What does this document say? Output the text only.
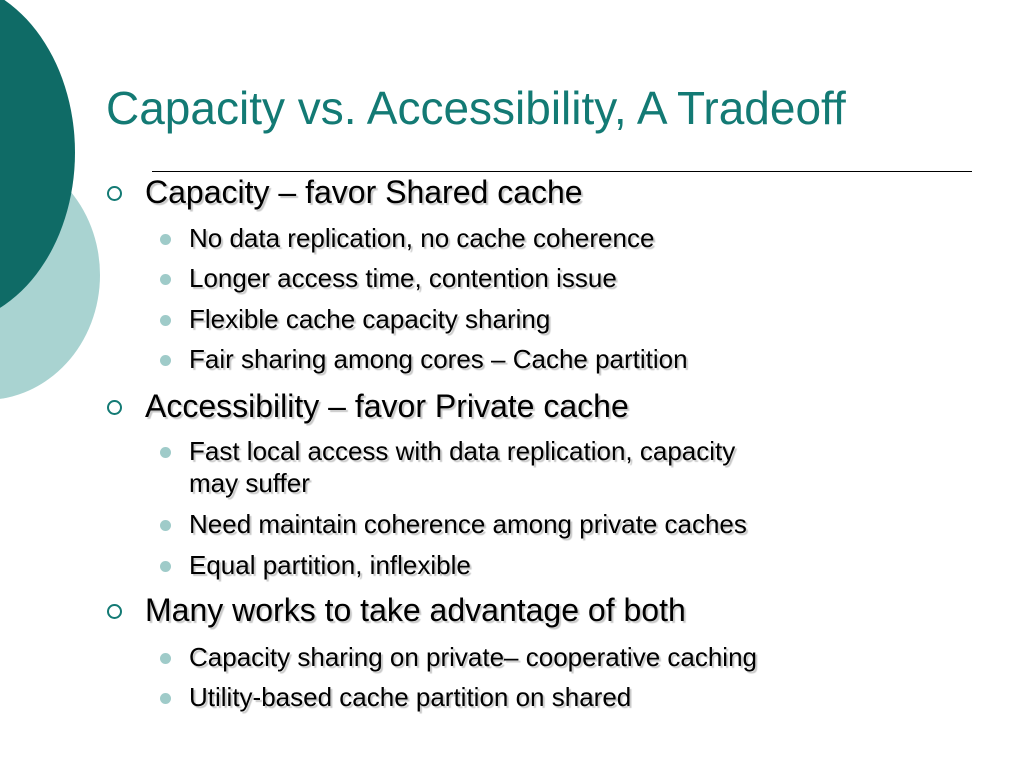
Capacity vs. Accessibility, A Tradeoff
Capacity – favor Shared cache
No data replication, no cache coherence
Longer access time, contention issue
Flexible cache capacity sharing
Fair sharing among cores – Cache partition
Accessibility – favor Private cache
Fast local access with data replication, capacity
may suffer
Need maintain coherence among private caches
Equal partition, inflexible
Many works to take advantage of both
Capacity sharing on private– cooperative caching
Utility-based cache partition on shared
